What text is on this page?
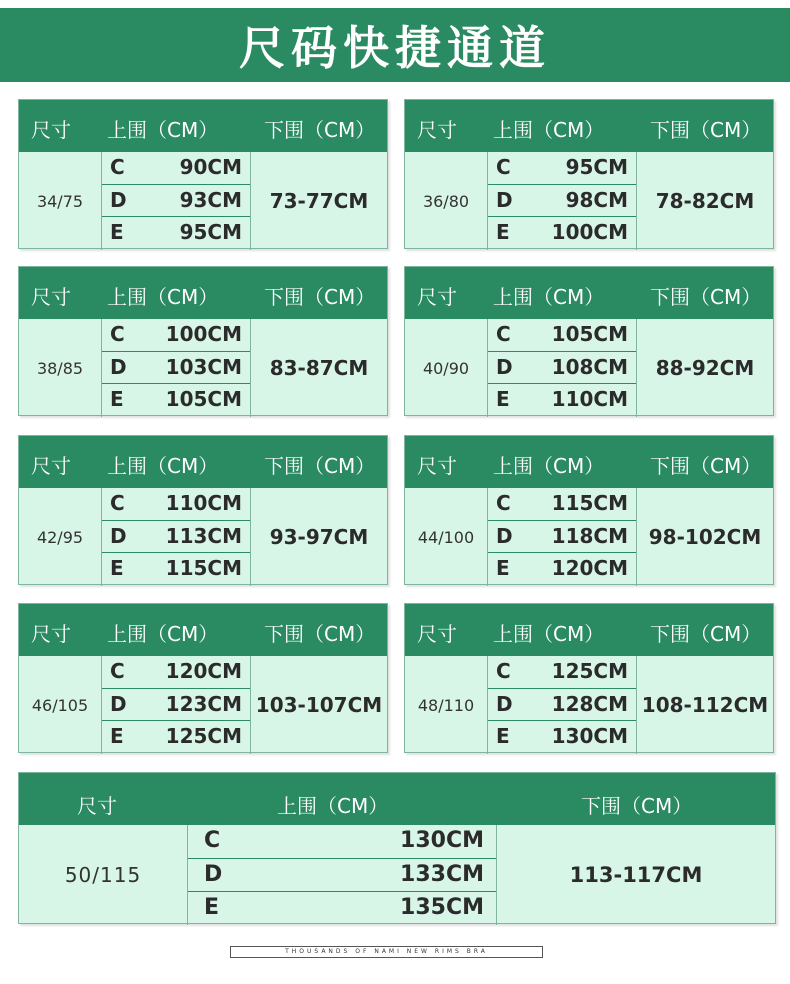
尺码快捷通道
尺寸 上围（CM） 下围（CM）
34/75
C	90CM
D	93CM
E	95CM
73-77CM
尺寸 上围（CM） 下围（CM）
36/80
C	95CM
D	98CM
E 100CM
78-82CM
尺寸 上围（CM） 下围（CM）
38/85
C 100CM
D 103CM
E 105CM
83-87CM
尺寸 上围（CM） 下围（CM）
40/90
C 105CM
D 108CM
E 110CM
88-92CM
尺寸 上围（CM） 下围（CM）
42/95
C 110CM
D 113CM
E 115CM
93-97CM
尺寸 上围（CM） 下围（CM）
44/100
C 115CM
D 118CM
E 120CM
98-102CM
尺寸 上围（CM） 下围（CM）
46/105
C 120CM
D 123CM
E 125CM
103-107CM
尺寸 上围（CM） 下围（CM）
48/110
C 125CM
D 128CM
E 130CM
108-112CM
尺寸	上围（CM）	下围（CM）
50/115
C	130CM
D	133CM
E	135CM
113-117CM
THOUSANDS OF NAMI NEW RIMS BRA
